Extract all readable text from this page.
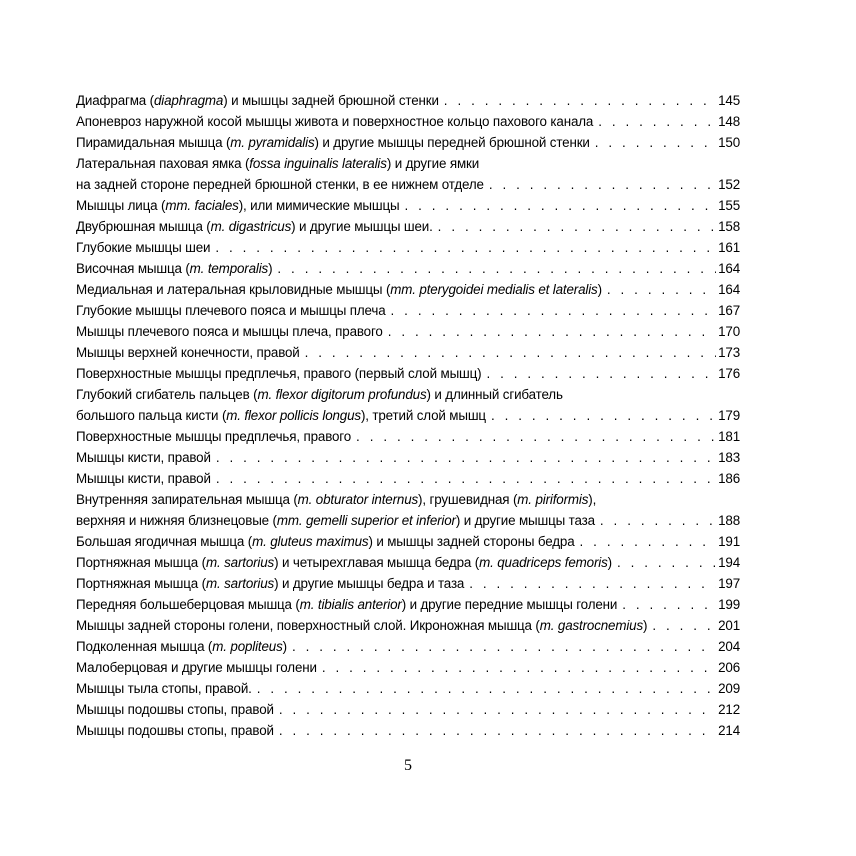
Диафрагма (diaphragma) и мышцы задней брюшной стенки . . .	145
Апоневроз наружной косой мышцы живота и поверхностное кольцо пахового канала . . .	148
Пирамидальная мышца (m. pyramidalis) и другие мышцы передней брюшной стенки . . .	150
Латеральная паховая ямка (fossa inguinalis lateralis) и другие ямки
на задней стороне передней брюшной стенки, в ее нижнем отделе . . .	152
Мышцы лица (mm. faciales), или мимические мышцы . . .	155
Двубрюшная мышца (m. digastricus) и другие мышцы шеи. . . .	158
Глубокие мышцы шеи . . .	161
Височная мышца (m. temporalis) . . .	164
Медиальная и латеральная крыловидные мышцы (mm. pterygoidei medialis et lateralis) . . .	164
Глубокие мышцы плечевого пояса и мышцы плеча . . .	167
Мышцы плечевого пояса и мышцы плеча, правого . . .	170
Мышцы верхней конечности, правой . . .	173
Поверхностные мышцы предплечья, правого (первый слой мышц) . . .	176
Глубокий сгибатель пальцев (m. flexor digitorum profundus) и длинный сгибатель
большого пальца кисти (m. flexor pollicis longus), третий слой мышц . . .	179
Поверхностные мышцы предплечья, правого . . .	181
Мышцы кисти, правой . . .	183
Мышцы кисти, правой . . .	186
Внутренняя запирательная мышца (m. obturator internus), грушевидная (m. piriformis),
верхняя и нижняя близнецовые (mm. gemelli superior et inferior) и другие мышцы таза . . .	188
Большая ягодичная мышца (m. gluteus maximus) и мышцы задней стороны бедра . . .	191
Портняжная мышца (m. sartorius) и четырехглавая мышца бедра (m. quadriceps femoris) . . .	194
Портняжная мышца (m. sartorius) и другие мышцы бедра и таза . . .	197
Передняя большеберцовая мышца (m. tibialis anterior) и другие передние мышцы голени . . .	199
Мышцы задней стороны голени, поверхностный слой. Икроножная мышца (m. gastrocnemius) . . .	201
Подколенная мышца (m. popliteus) . . .	204
Малоберцовая и другие мышцы голени . . .	206
Мышцы тыла стопы, правой. . . .	209
Мышцы подошвы стопы, правой . . .	212
Мышцы подошвы стопы, правой . . .	214
5
